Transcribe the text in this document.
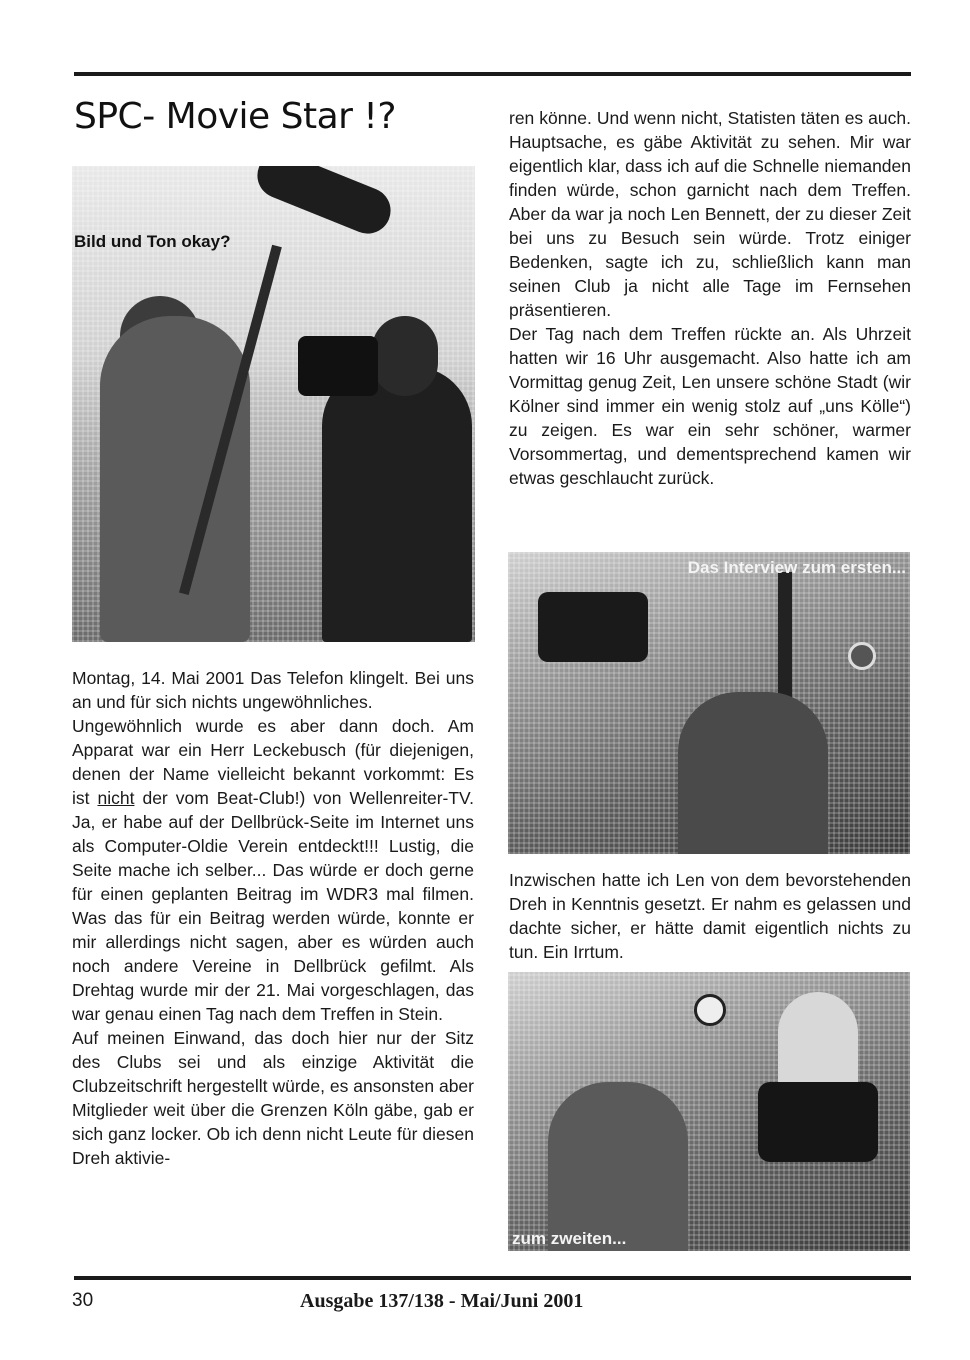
SPC- Movie Star !?
Bild und Ton okay?

Montag, 14. Mai 2001 Das Telefon klingelt. Bei uns an und für sich nichts ungewöhnliches.

Ungewöhnlich wurde es aber dann doch. Am Apparat war ein Herr Leckebusch (für diejenigen, denen der Name vielleicht bekannt vorkommt: Es ist nicht der vom Beat-Club!) von Wellenreiter-TV. Ja, er habe auf der Dellbrück-Seite im Internet uns als Computer-Oldie Verein entdeckt!!! Lustig, die Seite mache ich selber... Das würde er doch gerne für einen geplanten Beitrag im WDR3 mal filmen. Was das für ein Beitrag werden würde, konnte er mir allerdings nicht sagen, aber es würden auch noch andere Vereine in Dellbrück gefilmt. Als Drehtag wurde mir der 21. Mai vorgeschlagen, das war genau einen Tag nach dem Treffen in Stein.

Auf meinen Einwand, das doch hier nur der Sitz des Clubs sei und als einzige Aktivität die Clubzeitschrift hergestellt würde, es ansonsten aber Mitglieder weit über die Grenzen Köln gäbe, gab er sich ganz locker. Ob ich denn nicht Leute für diesen Dreh aktivie-

ren könne. Und wenn nicht, Statisten täten es auch. Hauptsache, es gäbe Aktivität zu sehen. Mir war eigentlich klar, dass ich auf die Schnelle niemanden finden würde, schon garnicht nach dem Treffen. Aber da war ja noch Len Bennett, der zu dieser Zeit bei uns zu Besuch sein würde. Trotz einiger Bedenken, sagte ich zu, schließlich kann man seinen Club ja nicht alle Tage im Fernsehen präsentieren.

Der Tag nach dem Treffen rückte an. Als Uhrzeit hatten wir 16 Uhr ausgemacht. Also hatte ich am Vormittag genug Zeit, Len unsere schöne Stadt (wir Kölner sind immer ein wenig stolz auf „uns Kölle“) zu zeigen. Es war ein sehr schöner, warmer Vorsommertag, und dementsprechend kamen wir etwas geschlaucht zurück.

Das Interview zum ersten...

Inzwischen hatte ich Len von dem bevorstehenden Dreh in Kenntnis gesetzt. Er nahm es gelassen und dachte sicher, er hätte damit eigentlich nichts zu tun. Ein Irrtum.

zum zweiten...
30	Ausgabe 137/138 - Mai/Juni 2001
